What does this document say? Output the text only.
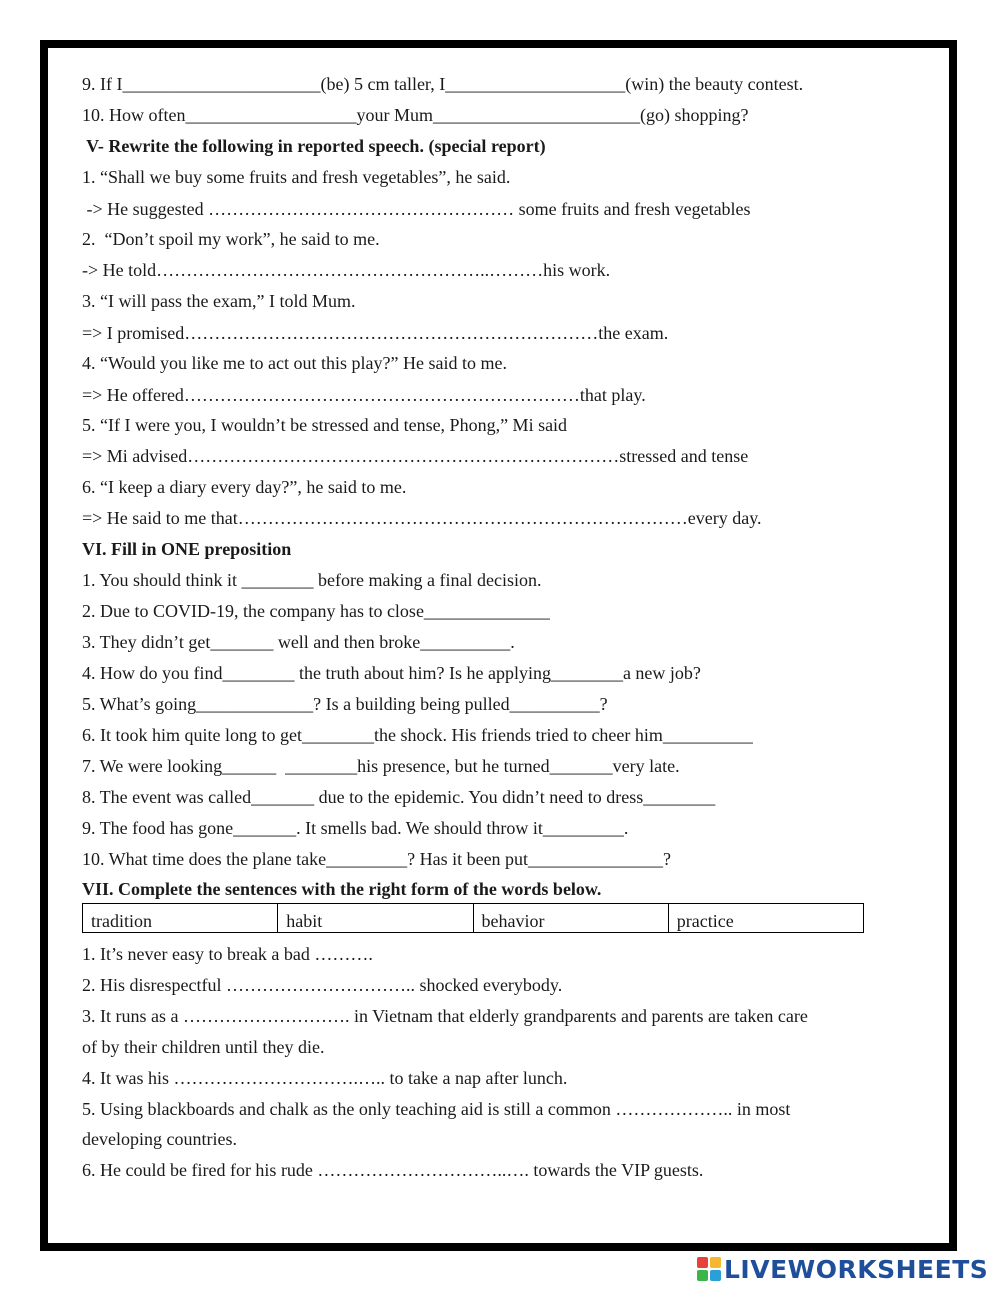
9. If I______________________(be) 5 cm taller, I____________________(win) the beauty contest.
10. How often___________________your Mum_______________________(go) shopping?
V- Rewrite the following in reported speech. (special report)
1. “Shall we buy some fruits and fresh vegetables”, he said.
-> He suggested …………………………………………… some fruits and fresh vegetables
2.  “Don’t spoil my work”, he said to me.
-> He told………………………………………………..………his work.
3. “I will pass the exam,” I told Mum.
=> I promised……………………………………………………………the exam.
4. “Would you like me to act out this play?” He said to me.
=> He offered…………………………………………………………that play.
5. “If I were you, I wouldn’t be stressed and tense, Phong,” Mi said
=> Mi advised………………………………………………………………stressed and tense
6. “I keep a diary every day?”, he said to me.
=> He said to me that…………………………………………………………………every day.
VI. Fill in ONE preposition
1. You should think it ________ before making a final decision.
2. Due to COVID-19, the company has to close______________
3. They didn’t get_______ well and then broke__________.
4. How do you find________ the truth about him? Is he applying________a new job?
5. What’s going_____________? Is a building being pulled__________?
6. It took him quite long to get________the shock. His friends tried to cheer him__________
7. We were looking______  ________his presence, but he turned_______very late.
8. The event was called_______ due to the epidemic. You didn’t need to dress________
9. The food has gone_______. It smells bad. We should throw it_________.
10. What time does the plane take_________? Has it been put_______________?
VII. Complete the sentences with the right form of the words below.
tradition	habit	behavior	practice
1. It’s never easy to break a bad ……….
2. His disrespectful ………………………….. shocked everybody.
3. It runs as a ………………………. in Vietnam that elderly grandparents and parents are taken care
of by their children until they die.
4. It was his ………………………….….. to take a nap after lunch.
5. Using blackboards and chalk as the only teaching aid is still a common ……………….. in most
developing countries.
6. He could be fired for his rude …………………………..…. towards the VIP guests.
LIVEWORKSHEETS
